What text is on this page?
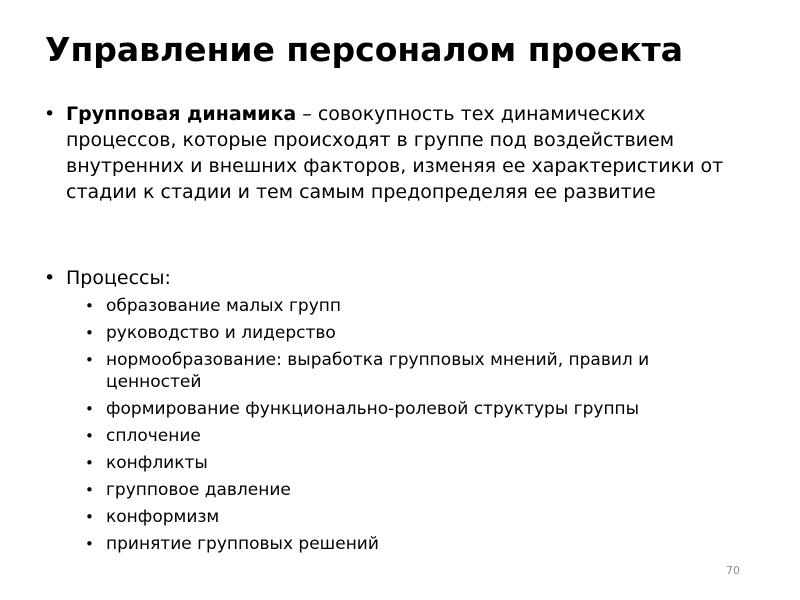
Управление персоналом проекта
• Групповая динамика – совокупность тех динамических процессов, которые происходят в группе под воздействием внутренних и внешних факторов, изменяя ее характеристики от стадии к стадии и тем самым предопределяя ее развитие
• Процессы:
• образование малых групп
• руководство и лидерство
• нормообразование: выработка групповых мнений, правил и ценностей
• формирование функционально-ролевой структуры группы
• сплочение
• конфликты
• групповое давление
• конформизм
• принятие групповых решений
70
